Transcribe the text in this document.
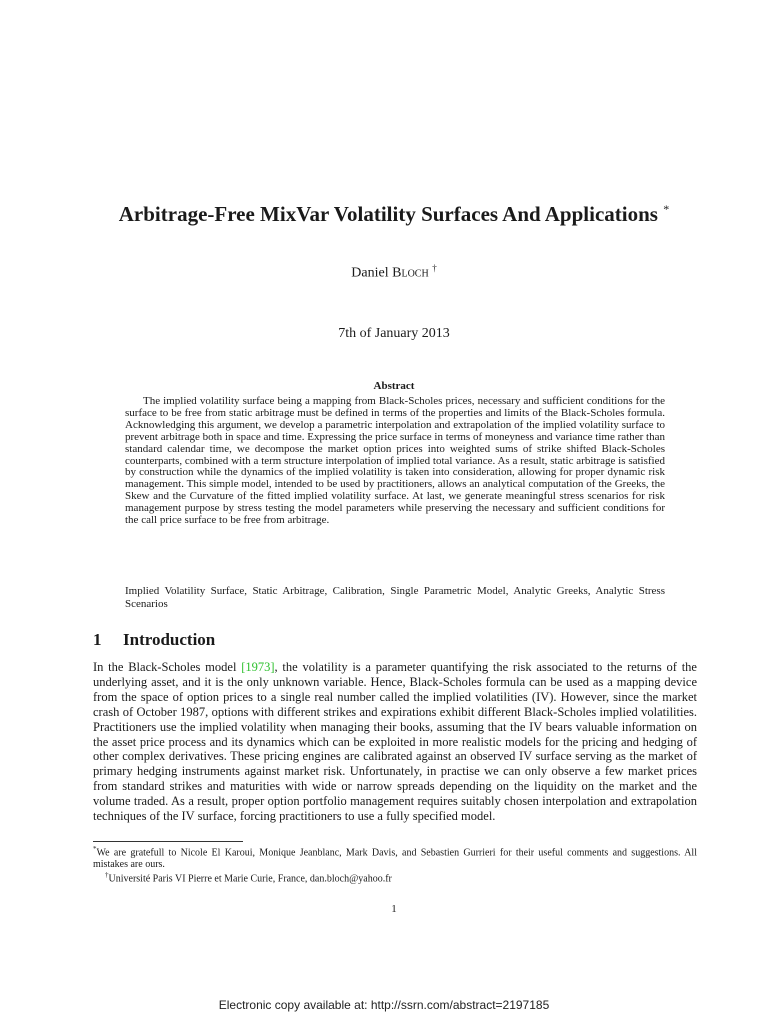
Arbitrage-Free MixVar Volatility Surfaces And Applications *
Daniel Bloch †
7th of January 2013
Abstract
The implied volatility surface being a mapping from Black-Scholes prices, necessary and sufficient conditions for the surface to be free from static arbitrage must be defined in terms of the properties and limits of the Black-Scholes formula. Acknowledging this argument, we develop a parametric interpolation and extrapolation of the implied volatility surface to prevent arbitrage both in space and time. Expressing the price surface in terms of moneyness and variance time rather than standard calendar time, we decompose the market option prices into weighted sums of strike shifted Black-Scholes counterparts, combined with a term structure interpolation of implied total variance. As a result, static arbitrage is satisfied by construction while the dynamics of the implied volatility is taken into consideration, allowing for proper dynamic risk management. This simple model, intended to be used by practitioners, allows an analytical computation of the Greeks, the Skew and the Curvature of the fitted implied volatility surface. At last, we generate meaningful stress scenarios for risk management purpose by stress testing the model parameters while preserving the necessary and sufficient conditions for the call price surface to be free from arbitrage.
Implied Volatility Surface, Static Arbitrage, Calibration, Single Parametric Model, Analytic Greeks, Analytic Stress Scenarios
1 Introduction
In the Black-Scholes model [1973], the volatility is a parameter quantifying the risk associated to the returns of the underlying asset, and it is the only unknown variable. Hence, Black-Scholes formula can be used as a mapping device from the space of option prices to a single real number called the implied volatilities (IV). However, since the market crash of October 1987, options with different strikes and expirations exhibit different Black-Scholes implied volatilities. Practitioners use the implied volatility when managing their books, assuming that the IV bears valuable information on the asset price process and its dynamics which can be exploited in more realistic models for the pricing and hedging of other complex derivatives. These pricing engines are calibrated against an observed IV surface serving as the market of primary hedging instruments against market risk. Unfortunately, in practise we can only observe a few market prices from standard strikes and maturities with wide or narrow spreads depending on the liquidity on the market and the volume traded. As a result, proper option portfolio management requires suitably chosen interpolation and extrapolation techniques of the IV surface, forcing practitioners to use a fully specified model.

*We are gratefull to Nicole El Karoui, Monique Jeanblanc, Mark Davis, and Sebastien Gurrieri for their useful comments and suggestions. All mistakes are ours.

†Université Paris VI Pierre et Marie Curie, France, dan.bloch@yahoo.fr

1
Electronic copy available at: http://ssrn.com/abstract=2197185
